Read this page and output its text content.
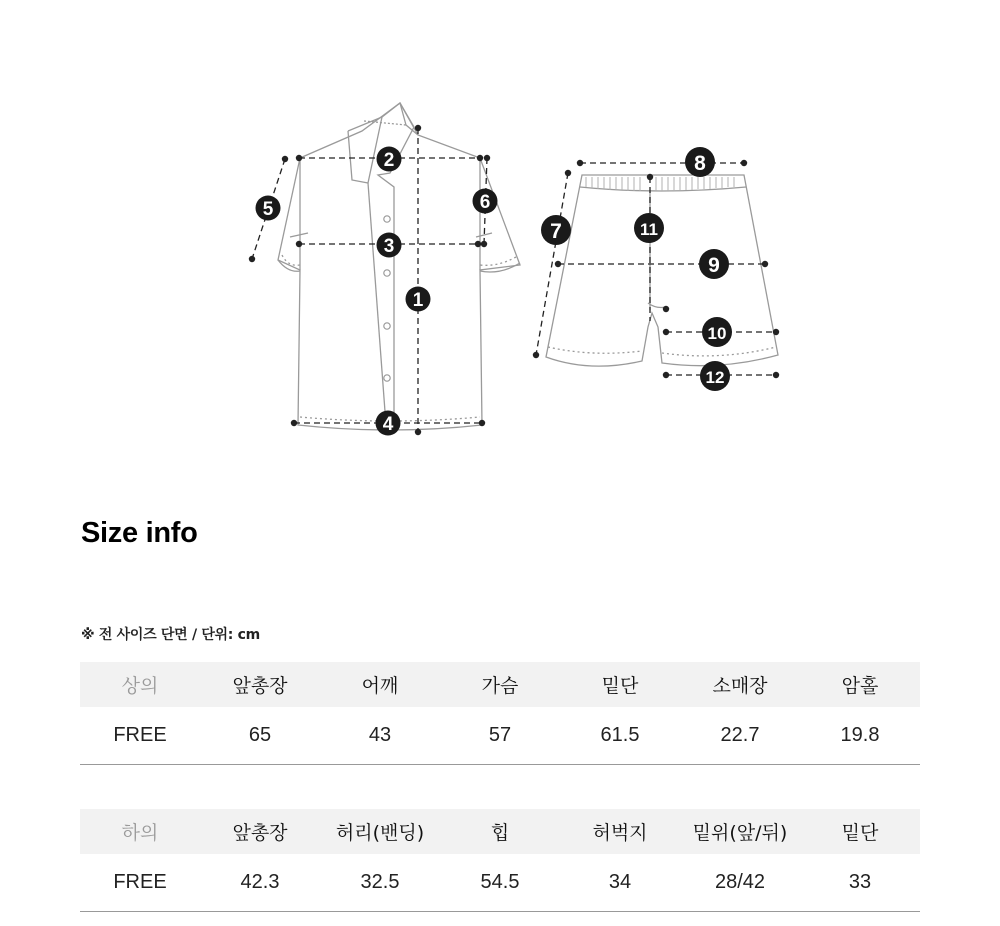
1
2
3
4
5	6
7
8
9
10
11
12
Size info
※ 전 사이즈 단면 / 단위: cm
상의	앞총장	어깨	가슴	밑단	소매장	암홀
FREE	65	43	57	61.5	22.7	19.8
하의	앞총장	허리(밴딩)	힙	허벅지	밑위(앞/뒤)	밑단
FREE	42.3	32.5	54.5	34	28/42	33
